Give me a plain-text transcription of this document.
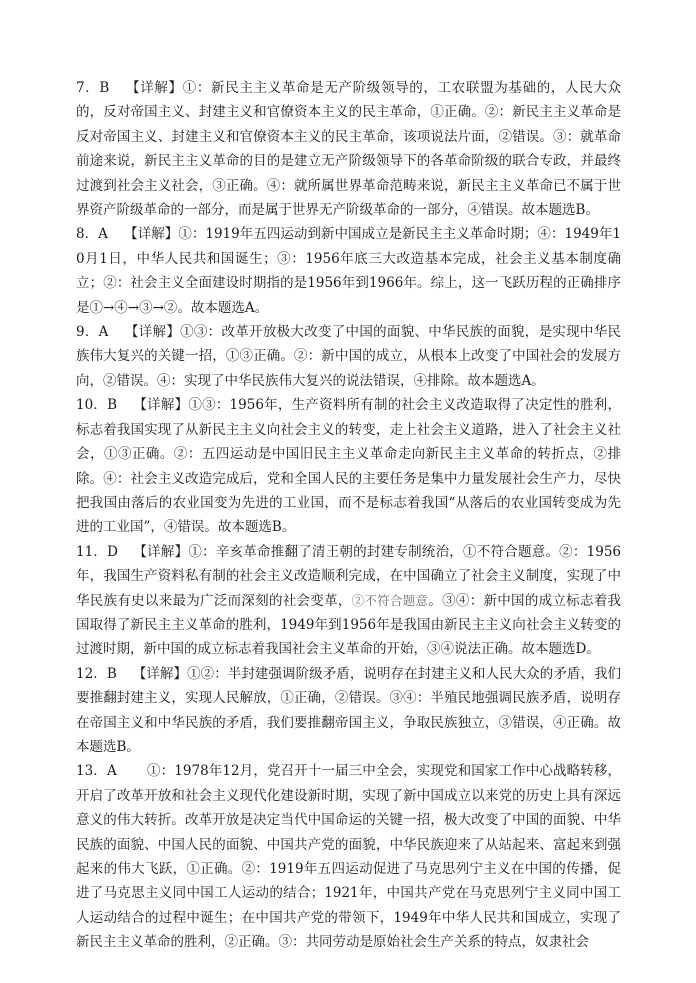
7．B 【详解】①：新民主主义革命是无产阶级领导的，工农联盟为基础的，人民大众的，反对帝国主义、封建主义和官僚资本主义的民主革命，①正确。②：新民主主义革命是反对帝国主义、封建主义和官僚资本主义的民主革命，该项说法片面，②错误。③：就革命前途来说，新民主主义革命的目的是建立无产阶级领导下的各革命阶级的联合专政，并最终过渡到社会主义社会，③正确。④：就所属世界革命范畴来说，新民主主义革命已不属于世界资产阶级革命的一部分，而是属于世界无产阶级革命的一部分，④错误。故本题选B。

8．A 【详解】①：1919年五四运动到新中国成立是新民主主义革命时期；④：1949年10月1日，中华人民共和国诞生；③：1956年底三大改造基本完成，社会主义基本制度确立；②：社会主义全面建设时期指的是1956年到1966年。综上，这一飞跃历程的正确排序是①→④→③→②。故本题选A。

9．A 【详解】①③：改革开放极大改变了中国的面貌、中华民族的面貌，是实现中华民族伟大复兴的关键一招，①③正确。②：新中国的成立，从根本上改变了中国社会的发展方向，②错误。④：实现了中华民族伟大复兴的说法错误，④排除。故本题选A。

10．B 【详解】①③：1956年，生产资料所有制的社会主义改造取得了决定性的胜利，标志着我国实现了从新民主主义向社会主义的转变，走上社会主义道路，进入了社会主义社会，①③正确。②：五四运动是中国旧民主主义革命走向新民主主义革命的转折点，②排除。④：社会主义改造完成后，党和全国人民的主要任务是集中力量发展社会生产力，尽快把我国由落后的农业国变为先进的工业国，而不是标志着我国“从落后的农业国转变成为先进的工业国”，④错误。故本题选B。

11．D 【详解】①：辛亥革命推翻了清王朝的封建专制统治，①不符合题意。②：1956年，我国生产资料私有制的社会主义改造顺利完成，在中国确立了社会主义制度，实现了中华民族有史以来最为广泛而深刻的社会变革，②不符合题意。③④：新中国的成立标志着我国取得了新民主主义革命的胜利，1949年到1956年是我国由新民主主义向社会主义转变的过渡时期，新中国的成立标志着我国社会主义革命的开始，③④说法正确。故本题选D。

12．B 【详解】①②：半封建强调阶级矛盾，说明存在封建主义和人民大众的矛盾，我们要推翻封建主义，实现人民解放，①正确，②错误。③④：半殖民地强调民族矛盾，说明存在帝国主义和中华民族的矛盾，我们要推翻帝国主义，争取民族独立，③错误，④正确。故本题选B。

13．A ①：1978年12月，党召开十一届三中全会，实现党和国家工作中心战略转移，开启了改革开放和社会主义现代化建设新时期，实现了新中国成立以来党的历史上具有深远意义的伟大转折。改革开放是决定当代中国命运的关键一招，极大改变了中国的面貌、中华民族的面貌、中国人民的面貌、中国共产党的面貌，中华民族迎来了从站起来、富起来到强起来的伟大飞跃，①正确。②：1919年五四运动促进了马克思列宁主义在中国的传播，促进了马克思主义同中国工人运动的结合；1921年，中国共产党在马克思列宁主义同中国工人运动结合的过程中诞生；在中国共产党的带领下，1949年中华人民共和国成立，实现了新民主主义革命的胜利，②正确。③：共同劳动是原始社会生产关系的特点，奴隶社会
